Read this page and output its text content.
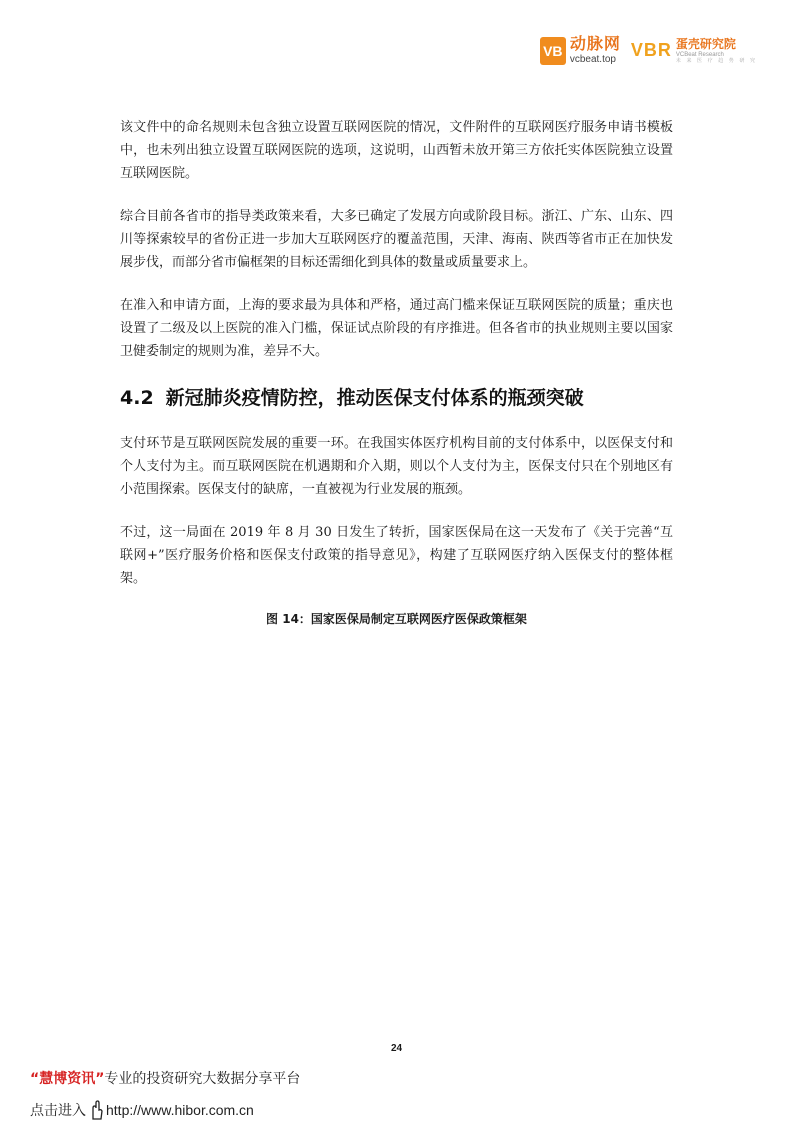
VB 动脉网
vcbeat.top VBR 蛋壳研究院
VCBeat Research
未 来 医 疗 趋 势 研 究

该文件中的命名规则未包含独立设置互联网医院的情况，文件附件的互联网医疗服务申请书模板中，也未列出独立设置互联网医院的选项，这说明，山西暂未放开第三方依托实体医院独立设置互联网医院。

综合目前各省市的指导类政策来看，大多已确定了发展方向或阶段目标。浙江、广东、山东、四川等探索较早的省份正进一步加大互联网医疗的覆盖范围，天津、海南、陕西等省市正在加快发展步伐，而部分省市偏框架的目标还需细化到具体的数量或质量要求上。

在准入和申请方面，上海的要求最为具体和严格，通过高门槛来保证互联网医院的质量；重庆也设置了二级及以上医院的准入门槛，保证试点阶段的有序推进。但各省市的执业规则主要以国家卫健委制定的规则为准，差异不大。

4.2 新冠肺炎疫情防控，推动医保支付体系的瓶颈突破

支付环节是互联网医院发展的重要一环。在我国实体医疗机构目前的支付体系中，以医保支付和个人支付为主。而互联网医院在机遇期和介入期，则以个人支付为主，医保支付只在个别地区有小范围探索。医保支付的缺席，一直被视为行业发展的瓶颈。

不过，这一局面在 2019 年 8 月 30 日发生了转折，国家医保局在这一天发布了《关于完善“互联网+”医疗服务价格和医保支付政策的指导意见》，构建了互联网医疗纳入医保支付的整体框架。

图 14：国家医保局制定互联网医疗医保政策框架
24
“慧博资讯”专业的投资研究大数据分享平台
点击进入 http://www.hibor.com.cn
